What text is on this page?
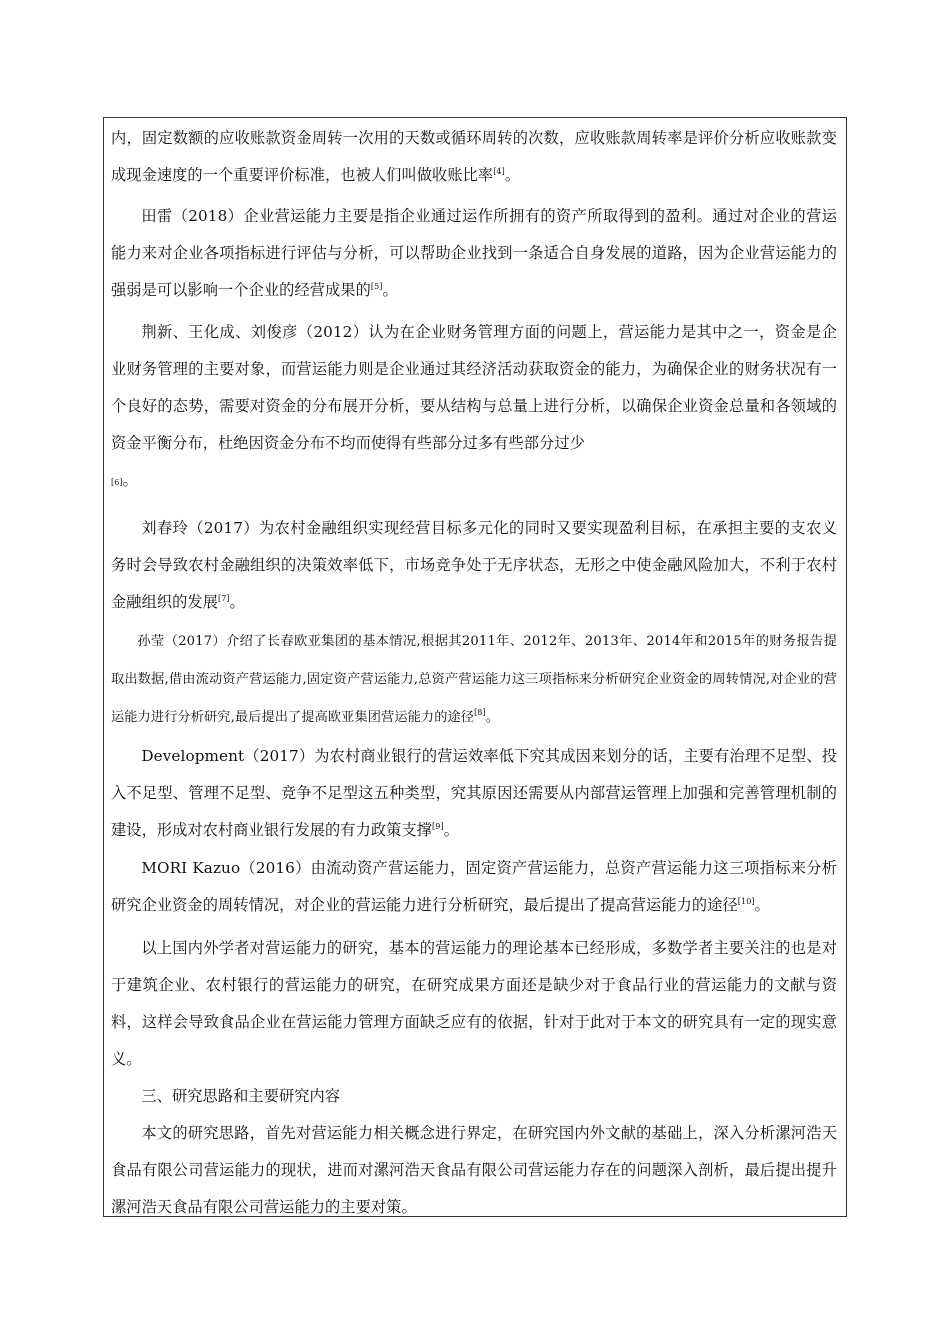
内，固定数额的应收账款资金周转一次用的天数或循环周转的次数，应收账款周转率是评价分析应收账款变成现金速度的一个重要评价标准，也被人们叫做收账比率[4]。

田雷（2018）企业营运能力主要是指企业通过运作所拥有的资产所取得到的盈利。通过对企业的营运能力来对企业各项指标进行评估与分析，可以帮助企业找到一条适合自身发展的道路，因为企业营运能力的强弱是可以影响一个企业的经营成果的[5]。

荆新、王化成、刘俊彦（2012）认为在企业财务管理方面的问题上，营运能力是其中之一，资金是企业财务管理的主要对象，而营运能力则是企业通过其经济活动获取资金的能力，为确保企业的财务状况有一个良好的态势，需要对资金的分布展开分析，要从结构与总量上进行分析，以确保企业资金总量和各领域的资金平衡分布，杜绝因资金分布不均而使得有些部分过多有些部分过少
[6]。

刘春玲（2017）为农村金融组织实现经营目标多元化的同时又要实现盈利目标，在承担主要的支农义务时会导致农村金融组织的决策效率低下，市场竞争处于无序状态，无形之中使金融风险加大，不利于农村金融组织的发展[7]。

孙莹（2017）介绍了长春欧亚集团的基本情况,根据其2011年、2012年、2013年、2014年和2015年的财务报告提取出数据,借由流动资产营运能力,固定资产营运能力,总资产营运能力这三项指标来分析研究企业资金的周转情况,对企业的营运能力进行分析研究,最后提出了提高欧亚集团营运能力的途径[8]。

Development（2017）为农村商业银行的营运效率低下究其成因来划分的话，主要有治理不足型、投入不足型、管理不足型、竞争不足型这五种类型，究其原因还需要从内部营运管理上加强和完善管理机制的建设，形成对农村商业银行发展的有力政策支撑[9]。

MORI Kazuo（2016）由流动资产营运能力，固定资产营运能力，总资产营运能力这三项指标来分析研究企业资金的周转情况，对企业的营运能力进行分析研究，最后提出了提高营运能力的途径[10]。

以上国内外学者对营运能力的研究，基本的营运能力的理论基本已经形成，多数学者主要关注的也是对于建筑企业、农村银行的营运能力的研究，在研究成果方面还是缺少对于食品行业的营运能力的文献与资料，这样会导致食品企业在营运能力管理方面缺乏应有的依据，针对于此对于本文的研究具有一定的现实意义。

三、研究思路和主要研究内容

本文的研究思路，首先对营运能力相关概念进行界定，在研究国内外文献的基础上，深入分析漯河浩天食品有限公司营运能力的现状，进而对漯河浩天食品有限公司营运能力存在的问题深入剖析，最后提出提升漯河浩天食品有限公司营运能力的主要对策。
